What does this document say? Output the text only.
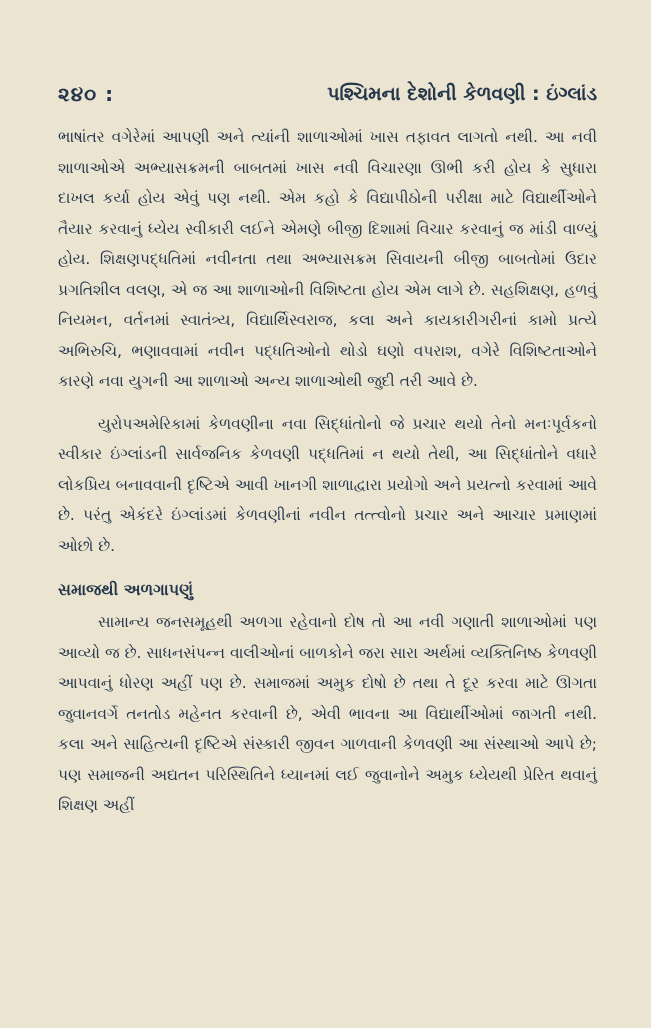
૨૪૦ :	પશ્ચિમના દેશોની કેળવણી : ઇંગ્લાંડ

ભાષાંતર વગેરેમાં આપણી અને ત્યાંની શાળાઓમાં ખાસ તફાવત લાગતો નથી. આ નવી શાળાઓએ અભ્યાસક્રમની બાબતમાં ખાસ નવી વિચારણા ઊભી કરી હોય કે સુધારા દાખલ કર્યા હોય એવું પણ નથી. એમ કહો કે વિદ્યાપીઠોની પરીક્ષા માટે વિદ્યાર્થીઓને તૈયાર કરવાનું ધ્યેય સ્વીકારી લઈને એમણે બીજી દિશામાં વિચાર કરવાનું જ માંડી વાળ્યું હોય. શિક્ષણપદ્ધતિમાં નવીનતા તથા અભ્યાસક્રમ સિવાયની બીજી બાબતોમાં ઉદાર પ્રગતિશીલ વલણ, એ જ આ શાળાઓની વિશિષ્ટતા હોય એમ લાગે છે. સહશિક્ષણ, હળવું નિયમન, વર્તનમાં સ્વાતંત્ર્ય, વિદ્યાર્થિસ્વરાજ, કલા અને કાયકારીગરીનાં કામો પ્રત્યે અભિરુચિ, ભણાવવામાં નવીન પદ્ધતિઓનો થોડો ઘણો વપરાશ, વગેરે વિશિષ્ટતાઓને કારણે નવા યુગની આ શાળાઓ અન્ય શાળાઓથી જુદી તરી આવે છે.

યુરોપઅમેરિકામાં કેળવણીના નવા સિદ્ધાંતોનો જે પ્રચાર થયો તેનો મનઃપૂર્વકનો સ્વીકાર ઇંગ્લાંડની સાર્વજનિક કેળવણી પદ્ધતિમાં ન થયો તેથી, આ સિદ્ધાંતોને વધારે લોકપ્રિય બનાવવાની દૃષ્ટિએ આવી ખાનગી શાળાદ્વારા પ્રયોગો અને પ્રયત્નો કરવામાં આવે છે. પરંતુ એકંદરે ઇંગ્લાંડમાં કેળવણીનાં નવીન તત્ત્વોનો પ્રચાર અને આચાર પ્રમાણમાં ઓછો છે.

સમાજથી અળગાપણું

સામાન્ય જનસમૂહથી અળગા રહેવાનો દોષ તો આ નવી ગણાતી શાળાઓમાં પણ આવ્યો જ છે. સાધનસંપન્ન વાલીઓનાં બાળકોને જરા સારા અર્થમાં વ્યક્તિનિષ્ઠ કેળવણી આપવાનું ધોરણ અહીં પણ છે. સમાજમાં અમુક દોષો છે તથા તે દૂર કરવા માટે ઊગતા જુવાનવર્ગે તનતોડ મહેનત કરવાની છે, એવી ભાવના આ વિદ્યાર્થીઓમાં જાગતી નથી. કલા અને સાહિત્યની દૃષ્ટિએ સંસ્કારી જીવન ગાળવાની કેળવણી આ સંસ્થાઓ આપે છે; પણ સમાજની અદ્યતન પરિસ્થિતિને ધ્યાનમાં લઈ જુવાનોને અમુક ધ્યેયથી પ્રેરિત થવાનું શિક્ષણ અહીં
